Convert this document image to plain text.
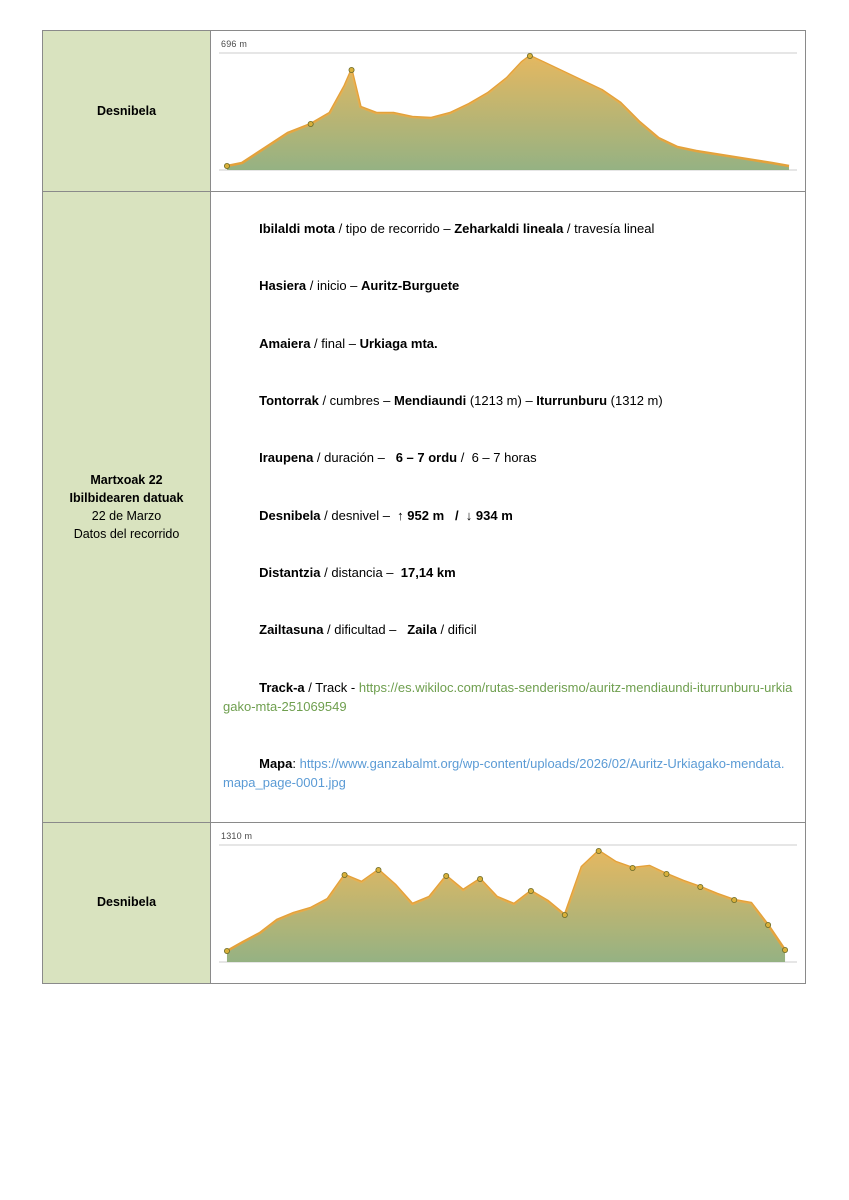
Desnibela
696 m
177 m	15,22 km
Martxoak 22
Ibilbidearen datuak
22 de Marzo
Datos del recorrido

Ibilaldi mota / tipo de recorrido – Zeharkaldi lineala / travesía lineal

Hasiera / inicio – Auritz-Burguete

Amaiera / final – Urkiaga mta.

Tontorrak / cumbres – Mendiaundi (1213 m) – Iturrunburu (1312 m)

Iraupena / duración –   6 – 7 ordu /  6 – 7 horas

Desnibela / desnivel –  ↑ 952 m   /  ↓ 934 m

Distantzia / distancia –  17,14 km

Zailtasuna / dificultad –   Zaila / dificil

Track-a / Track - https://es.wikiloc.com/rutas-senderismo/auritz-mendiaundi-iturrunburu-urkiagako-mta-251069549

Mapa: https://www.ganzabalmt.org/wp-content/uploads/2026/02/Auritz-Urkiagako-mendata.mapa_page-0001.jpg

Desnibela
1310 m
879 m	17,14 km
